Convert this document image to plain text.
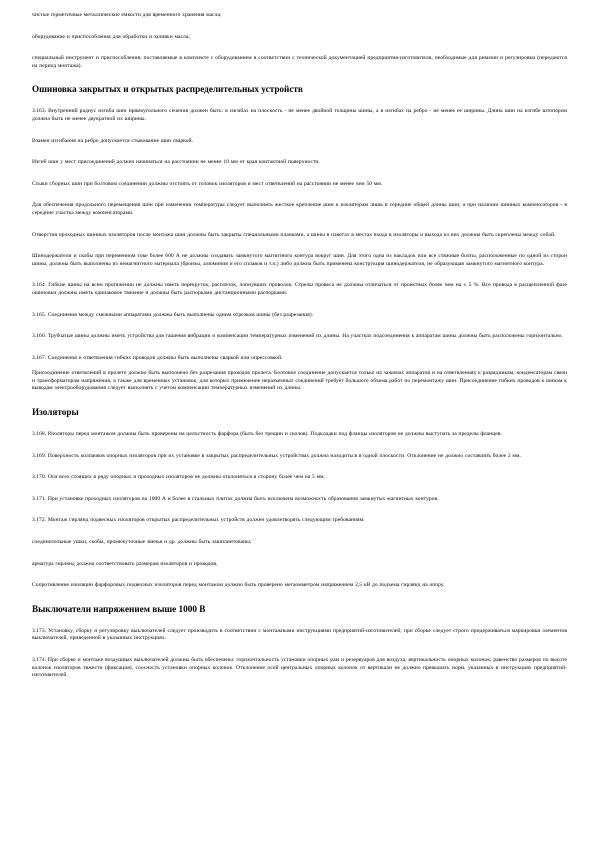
чистые герметичные металлические емкости для временного хранения масла;

оборудование и приспособления для обработки и заливки масла;

специальный инструмент и приспособления, поставляемые в комплекте с оборудованием в соответствии с технической документацией предприятия-изготовителя, необходимые для ревизии и регулировки (передаются на период монтажа).

Ошиновка закрытых и открытых распределительных устройств

3.163. Внутренний радиус изгиба шин прямоугольного сечения должен быть: в изгибах на плоскость - не менее двойной толщины шины, а в изгибах на ребро - не менее ее ширины. Длина шин на изгибе штопором должна быть не менее двукратной их ширины.

Взамен изгибания на ребро допускается стыкование шин сваркой.

Изгиб шин у мест присоединений должен начинаться на расстоянии не менее 10 мм от края контактной поверхности.

Стыки сборных шин при болтовом соединении должны отстоять от головок изоляторов и мест ответвлений на расстоянии не менее чем 50 мм.

Для обеспечения продольного перемещения шин при изменении температуры следует выполнять жесткое крепление шин к изоляторам лишь в середине общей длины шин, а при наличии шинных компенсаторов - в середине участка между компенсаторами.

Отверстия проходных шинных изоляторов после монтажа шин должны быть закрыты специальными планками, а шины в пакетах в местах входа в изоляторы и выхода из них должны быть скреплены между собой.

Шинодержатели и скобы при переменном токе более 600 А не должны создавать замкнутого магнитного контура вокруг шин. Для этого одна из накладок или все стяжные болты, расположенные по одной из сторон шины, должны быть выполнены из немагнитного материала (бронзы, алюминия и его сплавов и т.п.) либо должна быть применена конструкция шинодержателя, не образующая замкнутого магнитного контура.

3.164. Гибкие шины на всем протяжении не должны иметь перекруток, расплеток, лопнувших проволок. Стрелы провеса не должны отличаться от проектных более чем на ± 5 %. Все провода в расщепленной фазе ошиновки должны иметь одинаковое тяжение и должны быть распорками дистанционными распорками.

3.165. Соединения между смежными аппаратами должны быть выполнены одним отрезком шины (без разрезания).

3.166. Трубчатые шины должны иметь устройства для гашения вибрации и компенсации температурных изменений их длины. На участках подсоединения к аппаратам шины должны быть расположены горизонтально.

3.167. Соединения и ответвления гибких проводов должны быть выполнены сваркой или опрессовкой.

Присоединение ответвлений в пролете должно быть выполнено без разрезания проводов пролета. Болтовое соединение допускается только на зажимах аппаратов и на ответвлениях к разрядникам, конденсаторам связи и трансформаторам напряжения, а также для временных установок, для которых применение неразъемных соединений требует большого объема работ по перемонтажу шин. Присоединение гибких проводов к шинам к выводам электрооборудования следует выполнять с учетом компенсации температурных изменений их длины.

Изоляторы

3.168. Изоляторы перед монтажом должны быть проверены на целостность фарфора (быть без трещин и сколов). Подкладки под фланцы изоляторов не должны выступать за пределы фланцев.

3.169. Поверхность колпачков опорных изоляторов при их установке в закрытых распределительных устройствах должна находиться в одной плоскости. Отклонение не должно составлять более 2 мм.

3.170. Оси всех стоящих в ряду опорных и проходных изоляторов не должны отклоняться в сторону более чем на 5 мм.

3.171. При установке проходных изоляторов на 1000 А и более в стальных плитах должна быть исключена возможность образования замкнутых магнитных контуров.

3.172. Монтаж гирлянд подвесных изоляторов открытых распределительных устройств должен удовлетворять следующим требованиям:

соединительные ушки, скобы, промежуточные звенья и др. должны быть зашплинтованы;

арматура гирлянд должна соответствовать размерам изоляторов и проводов.

Сопротивление изоляции фарфоровых подвесных изоляторов перед монтажом должно быть проверено мегаомметром напряжением 2,5 кВ до подъема гирлянд на опору.

Выключатели напряжением выше 1000 В

3.173. Установку, сборку и регулировку выключателей следует производить в соответствии с монтажными инструкциями предприятий-изготовителей; при сборке следует строго придерживаться маркировки элементов выключателей, приведенной в указанных инструкциях.

3.174. При сборке и монтаже воздушных выключателей должны быть обеспечены: горизонтальность установки опорных рам и резервуаров для воздуха, вертикальность опорных колонок; равенство размеров по высоте колонок изоляторов тяжести (фиксация), соосность установки опорных колонок. Отклонение осей центральных опорных колонок от вертикали не должно превышать норм, указанных в инструкциях предприятий-изготовителей.
